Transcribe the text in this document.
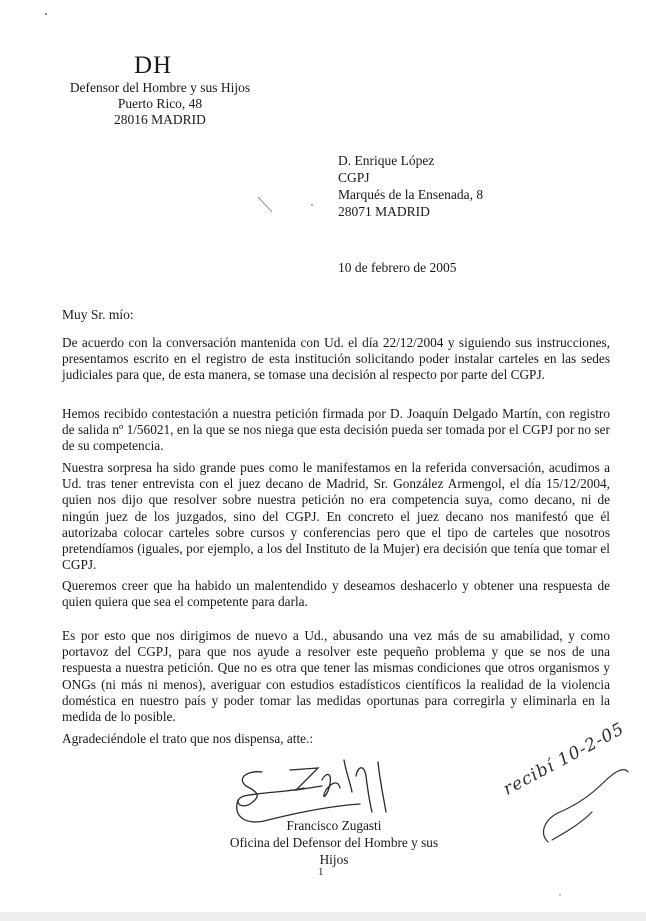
DH
Defensor del Hombre y sus Hijos
Puerto Rico, 48
28016 MADRID
D. Enrique López
CGPJ
Marqués de la Ensenada, 8
28071 MADRID
10 de febrero de 2005
Muy Sr. mío:
De acuerdo con la conversación mantenida con Ud. el día 22/12/2004 y siguiendo sus instrucciones, presentamos escrito en el registro de esta institución solicitando poder instalar carteles en las sedes judiciales para que, de esta manera, se tomase una decisión al respecto por parte del CGPJ.
Hemos recibido contestación a nuestra petición firmada por D. Joaquín Delgado Martín, con registro de salida nº 1/56021, en la que se nos niega que esta decisión pueda ser tomada por el CGPJ por no ser de su competencia.
Nuestra sorpresa ha sido grande pues como le manifestamos en la referida conversación, acudimos a Ud. tras tener entrevista con el juez decano de Madrid, Sr. González Armengol, el día 15/12/2004, quien nos dijo que resolver sobre nuestra petición no era competencia suya, como decano, ni de ningún juez de los juzgados, sino del CGPJ. En concreto el juez decano nos manifestó que él autorizaba colocar carteles sobre cursos y conferencias pero que el tipo de carteles que nosotros pretendíamos (iguales, por ejemplo, a los del Instituto de la Mujer) era decisión que tenía que tomar el CGPJ.
Queremos creer que ha habido un malentendido y deseamos deshacerlo y obtener una respuesta de quien quiera que sea el competente para darla.
Es por esto que nos dirigimos de nuevo a Ud., abusando una vez más de su amabilidad, y como portavoz del CGPJ, para que nos ayude a resolver este pequeño problema y que se nos de una respuesta a nuestra petición. Que no es otra que tener las mismas condiciones que otros organismos y ONGs (ni más ni menos), averiguar con estudios estadísticos científicos la realidad de la violencia doméstica en nuestro país y poder tomar las medidas oportunas para corregirla y eliminarla en la medida de lo posible.
Agradeciéndole el trato que nos dispensa, atte.:
Francisco Zugasti
Oficina del Defensor del Hombre y sus Hijos
recibí 10-2-05
1
